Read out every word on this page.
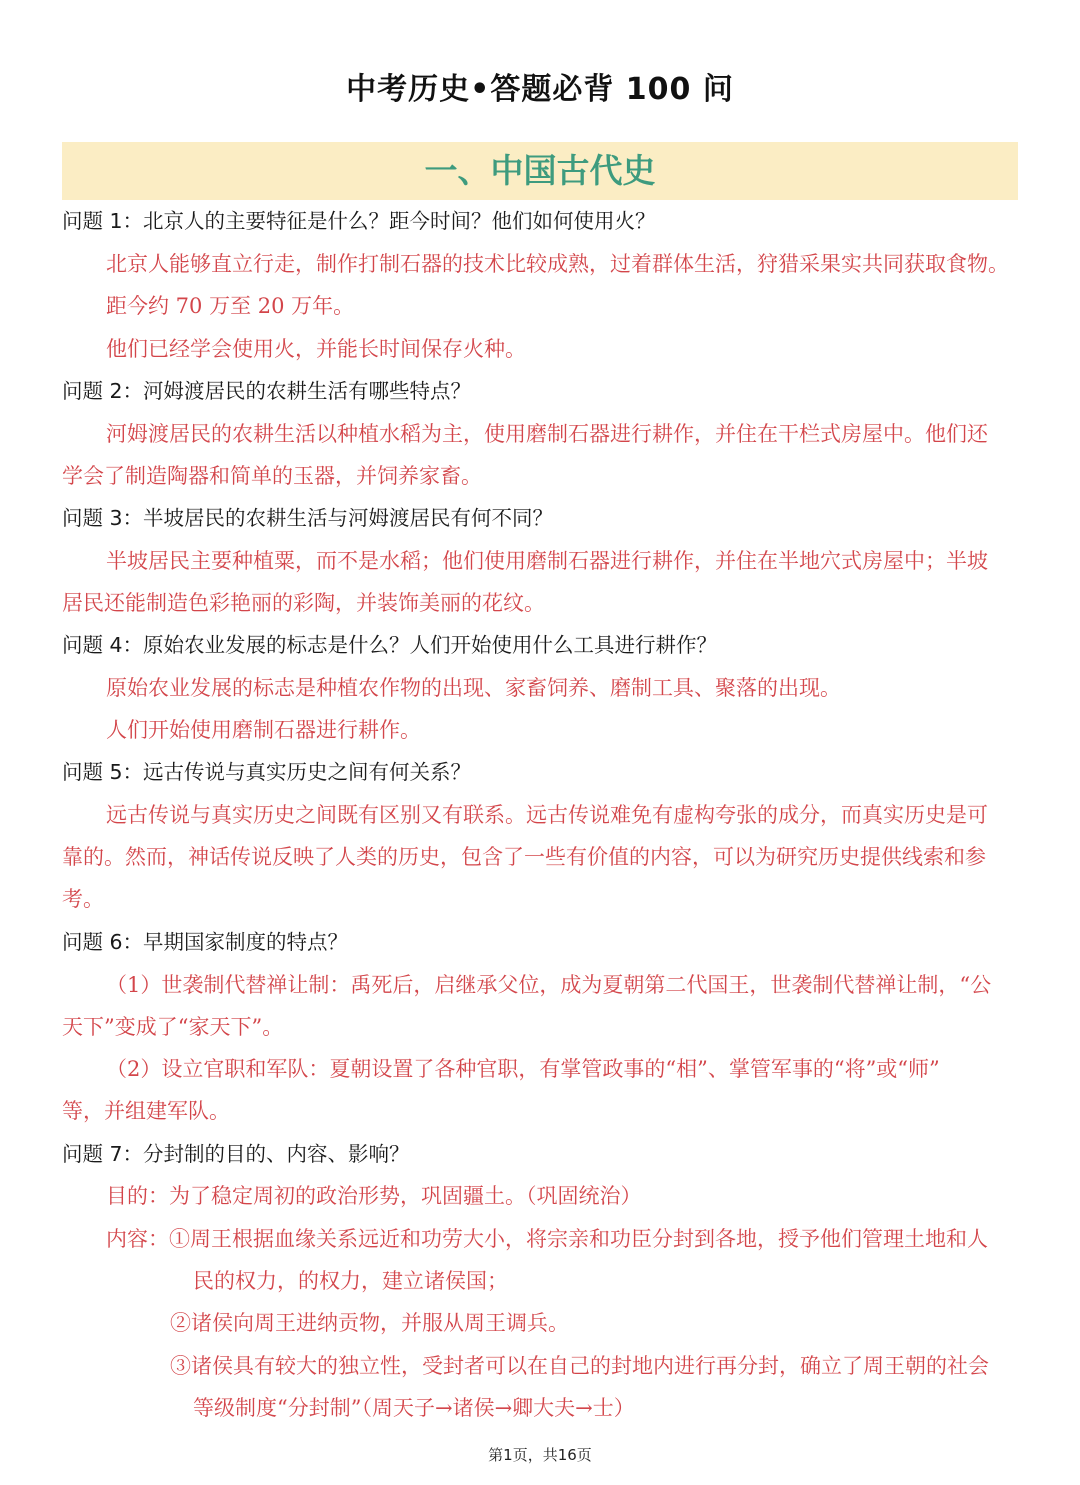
中考历史•答题必背 100 问
一、中国古代史
问题 1：北京人的主要特征是什么？距今时间？他们如何使用火？
北京人能够直立行走，制作打制石器的技术比较成熟，过着群体生活，狩猎采果实共同获取食物。
距今约 70 万至 20 万年。
他们已经学会使用火，并能长时间保存火种。
问题 2：河姆渡居民的农耕生活有哪些特点？
河姆渡居民的农耕生活以种植水稻为主，使用磨制石器进行耕作，并住在干栏式房屋中。他们还
学会了制造陶器和简单的玉器，并饲养家畜。
问题 3：半坡居民的农耕生活与河姆渡居民有何不同？
半坡居民主要种植粟，而不是水稻；他们使用磨制石器进行耕作，并住在半地穴式房屋中；半坡
居民还能制造色彩艳丽的彩陶，并装饰美丽的花纹。
问题 4：原始农业发展的标志是什么？人们开始使用什么工具进行耕作？
原始农业发展的标志是种植农作物的出现、家畜饲养、磨制工具、聚落的出现。
人们开始使用磨制石器进行耕作。
问题 5：远古传说与真实历史之间有何关系？
远古传说与真实历史之间既有区别又有联系。远古传说难免有虚构夸张的成分，而真实历史是可
靠的。然而，神话传说反映了人类的历史，包含了一些有价值的内容，可以为研究历史提供线索和参
考。
问题 6：早期国家制度的特点？
（1）世袭制代替禅让制：禹死后，启继承父位，成为夏朝第二代国王，世袭制代替禅让制，“公
天下”变成了“家天下”。
（2）设立官职和军队：夏朝设置了各种官职，有掌管政事的“相”、掌管军事的“将”或“师”
等，并组建军队。
问题 7：分封制的目的、内容、影响？
目的：为了稳定周初的政治形势，巩固疆土。（巩固统治）
内容：①周王根据血缘关系远近和功劳大小，将宗亲和功臣分封到各地，授予他们管理土地和人
民的权力，的权力，建立诸侯国；
②诸侯向周王进纳贡物，并服从周王调兵。
③诸侯具有较大的独立性，受封者可以在自己的封地内进行再分封，确立了周王朝的社会
等级制度“分封制”（周天子→诸侯→卿大夫→士）
第1页，共16页
